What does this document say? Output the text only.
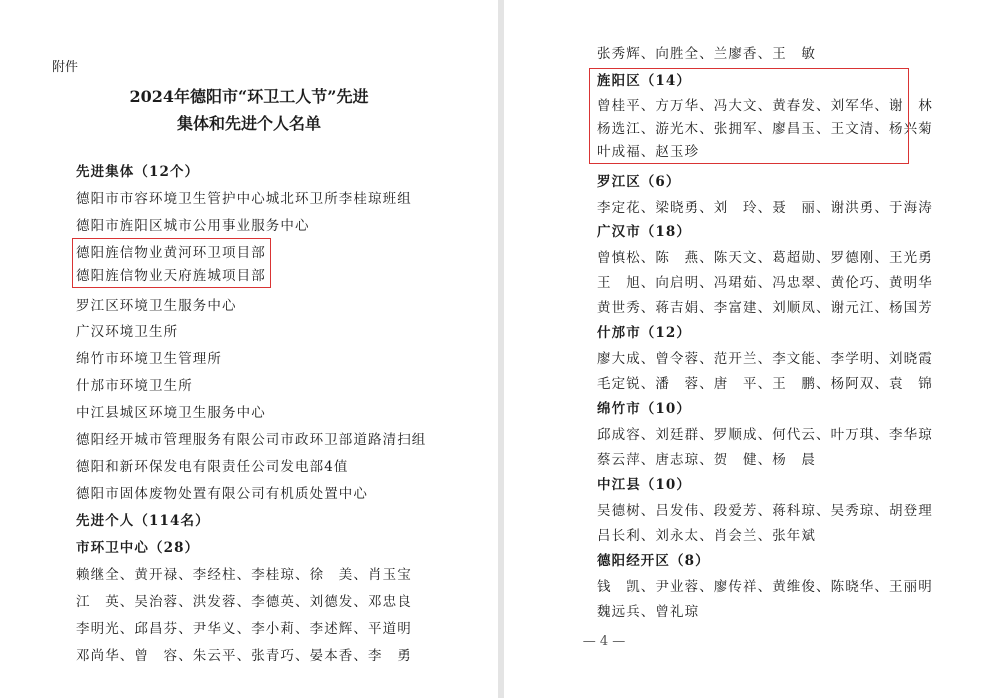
附件
2024年德阳市“环卫工人节”先进
集体和先进个人名单
先进集体（12个）
德阳市市容环境卫生管护中心城北环卫所李桂琼班组
德阳市旌阳区城市公用事业服务中心
德阳旌信物业黄河环卫项目部
德阳旌信物业天府旌城项目部
罗江区环境卫生服务中心
广汉环境卫生所
绵竹市环境卫生管理所
什邡市环境卫生所
中江县城区环境卫生服务中心
德阳经开城市管理服务有限公司市政环卫部道路清扫组
德阳和新环保发电有限责任公司发电部4值
德阳市固体废物处置有限公司有机质处置中心
先进个人（114名）
市环卫中心（28）
赖继全、黄开禄、李经柱、李桂琼、徐　美、肖玉宝
江　英、吴治蓉、洪发蓉、李德英、刘德发、邓忠良
李明光、邱昌芬、尹华义、李小莉、李述辉、平道明
邓尚华、曾　容、朱云平、张青巧、晏本香、李　勇
张秀辉、向胜全、兰廖香、王　敏
旌阳区（14）
曾桂平、方万华、冯大文、黄春发、刘军华、谢　林
杨选江、游光木、张拥军、廖昌玉、王文清、杨兴菊
叶成福、赵玉珍
罗江区（6）
李定花、梁晓勇、刘　玲、聂　丽、谢洪勇、于海涛
广汉市（18）
曾慎松、陈　燕、陈天文、葛超勋、罗德刚、王光勇
王　旭、向启明、冯珺茹、冯忠翠、黄伦巧、黄明华
黄世秀、蒋吉娟、李富建、刘顺凤、谢元江、杨国芳
什邡市（12）
廖大成、曾令蓉、范开兰、李文能、李学明、刘晓霞
毛定锐、潘　蓉、唐　平、王　鹏、杨阿双、袁　锦
绵竹市（10）
邱成容、刘廷群、罗顺成、何代云、叶万琪、李华琼
蔡云萍、唐志琼、贺　健、杨　晨
中江县（10）
吴德树、吕发伟、段爱芳、蒋科琼、吴秀琼、胡登理
吕长利、刘永太、肖会兰、张年斌
德阳经开区（8）
钱　凯、尹业蓉、廖传祥、黄维俊、陈晓华、王丽明
魏远兵、曾礼琼
— 4 —
